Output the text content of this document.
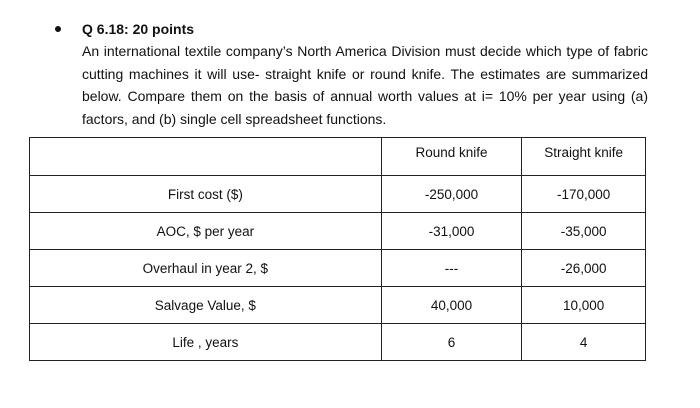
Q 6.18: 20 points

An international textile company’s North America Division must decide which type of fabric cutting machines it will use- straight knife or round knife. The estimates are summarized below. Compare them on the basis of annual worth values at i= 10% per year using (a) factors, and (b) single cell spreadsheet functions.

	Round knife	Straight knife
First cost ($)	-250,000	-170,000
AOC, $ per year	-31,000	-35,000
Overhaul in year 2, $	---	-26,000
Salvage Value, $	40,000	10,000
Life , years	6	4
